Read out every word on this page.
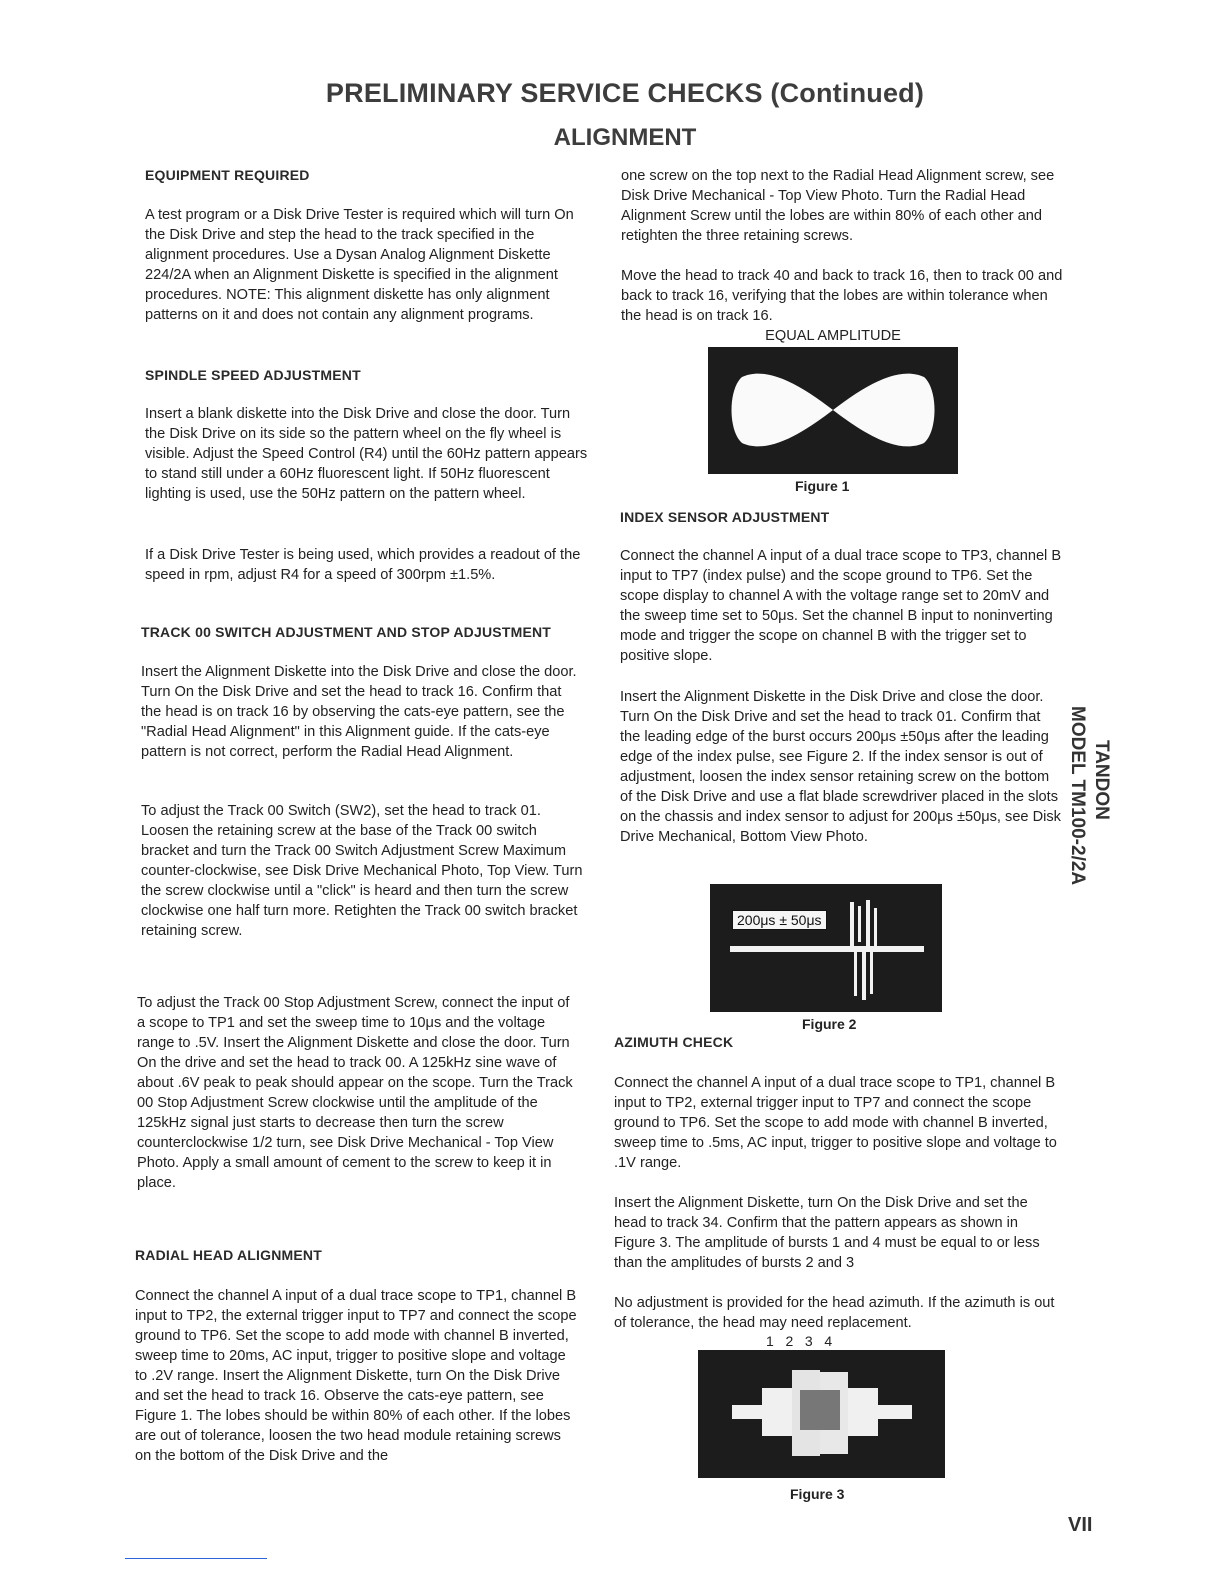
PRELIMINARY SERVICE CHECKS (Continued)
ALIGNMENT
EQUIPMENT REQUIRED
A test program or a Disk Drive Tester is required which will turn On the Disk Drive and step the head to the track specified in the alignment procedures. Use a Dysan Analog Alignment Diskette 224/2A when an Alignment Diskette is specified in the alignment procedures. NOTE: This alignment diskette has only alignment patterns on it and does not contain any alignment programs.
SPINDLE SPEED ADJUSTMENT
Insert a blank diskette into the Disk Drive and close the door. Turn the Disk Drive on its side so the pattern wheel on the fly wheel is visible. Adjust the Speed Control (R4) until the 60Hz pattern appears to stand still under a 60Hz fluorescent light. If 50Hz fluorescent lighting is used, use the 50Hz pattern on the pattern wheel.
If a Disk Drive Tester is being used, which provides a readout of the speed in rpm, adjust R4 for a speed of 300rpm ±1.5%.
TRACK 00 SWITCH ADJUSTMENT AND STOP ADJUSTMENT
Insert the Alignment Diskette into the Disk Drive and close the door. Turn On the Disk Drive and set the head to track 16. Confirm that the head is on track 16 by observing the cats-eye pattern, see the "Radial Head Alignment" in this Alignment guide. If the cats-eye pattern is not correct, perform the Radial Head Alignment.
To adjust the Track 00 Switch (SW2), set the head to track 01. Loosen the retaining screw at the base of the Track 00 switch bracket and turn the Track 00 Switch Adjustment Screw Maximum counter-clockwise, see Disk Drive Mechanical Photo, Top View. Turn the screw clockwise until a "click" is heard and then turn the screw clockwise one half turn more. Retighten the Track 00 switch bracket retaining screw.
To adjust the Track 00 Stop Adjustment Screw, connect the input of a scope to TP1 and set the sweep time to 10μs and the voltage range to .5V. Insert the Alignment Diskette and close the door. Turn On the drive and set the head to track 00. A 125kHz sine wave of about .6V peak to peak should appear on the scope. Turn the Track 00 Stop Adjustment Screw clockwise until the amplitude of the 125kHz signal just starts to decrease then turn the screw counterclockwise 1/2 turn, see Disk Drive Mechanical - Top View Photo. Apply a small amount of cement to the screw to keep it in place.
RADIAL HEAD ALIGNMENT
Connect the channel A input of a dual trace scope to TP1, channel B input to TP2, the external trigger input to TP7 and connect the scope ground to TP6. Set the scope to add mode with channel B inverted, sweep time to 20ms, AC input, trigger to positive slope and voltage to .2V range. Insert the Alignment Diskette, turn On the Disk Drive and set the head to track 16. Observe the cats-eye pattern, see Figure 1. The lobes should be within 80% of each other. If the lobes are out of tolerance, loosen the two head module retaining screws on the bottom of the Disk Drive and the
one screw on the top next to the Radial Head Alignment screw, see Disk Drive Mechanical - Top View Photo. Turn the Radial Head Alignment Screw until the lobes are within 80% of each other and retighten the three retaining screws.
Move the head to track 40 and back to track 16, then to track 00 and back to track 16, verifying that the lobes are within tolerance when the head is on track 16.
EQUAL AMPLITUDE
Figure 1
INDEX SENSOR ADJUSTMENT
Connect the channel A input of a dual trace scope to TP3, channel B input to TP7 (index pulse) and the scope ground to TP6. Set the scope display to channel A with the voltage range set to 20mV and the sweep time set to 50μs. Set the channel B input to noninverting mode and trigger the scope on channel B with the trigger set to positive slope.
Insert the Alignment Diskette in the Disk Drive and close the door. Turn On the Disk Drive and set the head to track 01. Confirm that the leading edge of the burst occurs 200μs ±50μs after the leading edge of the index pulse, see Figure 2. If the index sensor is out of adjustment, loosen the index sensor retaining screw on the bottom of the Disk Drive and use a flat blade screwdriver placed in the slots on the chassis and index sensor to adjust for 200μs ±50μs, see Disk Drive Mechanical, Bottom View Photo.
200μs ± 50μs
Figure 2
AZIMUTH CHECK
Connect the channel A input of a dual trace scope to TP1, channel B input to TP2, external trigger input to TP7 and connect the scope ground to TP6. Set the scope to add mode with channel B inverted, sweep time to .5ms, AC input, trigger to positive slope and voltage to .1V range.
Insert the Alignment Diskette, turn On the Disk Drive and set the head to track 34. Confirm that the pattern appears as shown in Figure 3. The amplitude of bursts 1 and 4 must be equal to or less than the amplitudes of bursts 2 and 3
No adjustment is provided for the head azimuth. If the azimuth is out of tolerance, the head may need replacement.
1   2   3   4
Figure 3
TANDON
MODEL TM100-2/2A
VII
